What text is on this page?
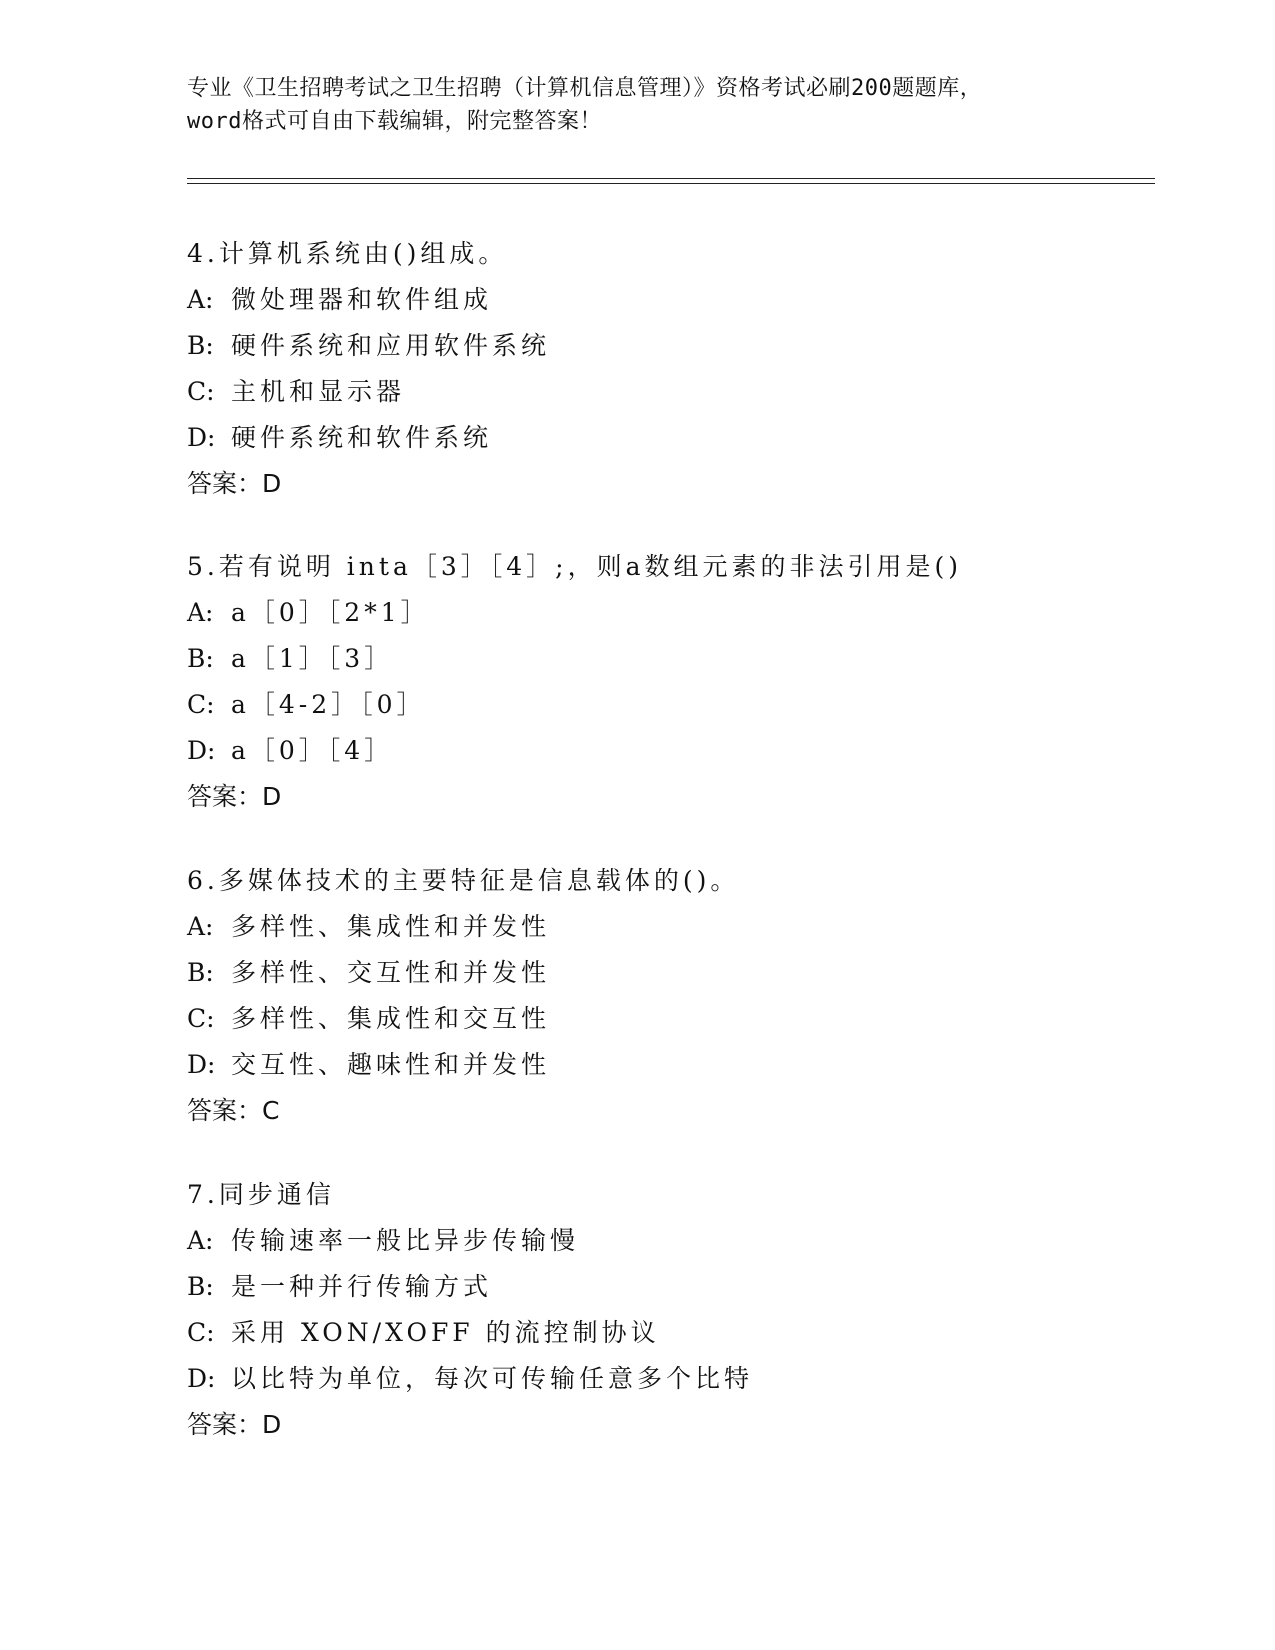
专业《卫生招聘考试之卫生招聘（计算机信息管理）》资格考试必刷200题题库，
word格式可自由下载编辑，附完整答案！
4.计算机系统由()组成。
A: 微处理器和软件组成
B: 硬件系统和应用软件系统
C: 主机和显示器
D: 硬件系统和软件系统
答案：D
5.若有说明 inta［3］［4］;，则a数组元素的非法引用是()
A: a［0］［2*1］
B: a［1］［3］
C: a［4-2］［0］
D: a［0］［4］
答案：D
6.多媒体技术的主要特征是信息载体的()。
A: 多样性、集成性和并发性
B: 多样性、交互性和并发性
C: 多样性、集成性和交互性
D: 交互性、趣味性和并发性
答案：C
7.同步通信
A: 传输速率一般比异步传输慢
B: 是一种并行传输方式
C: 采用 XON/XOFF 的流控制协议
D: 以比特为单位，每次可传输任意多个比特
答案：D
